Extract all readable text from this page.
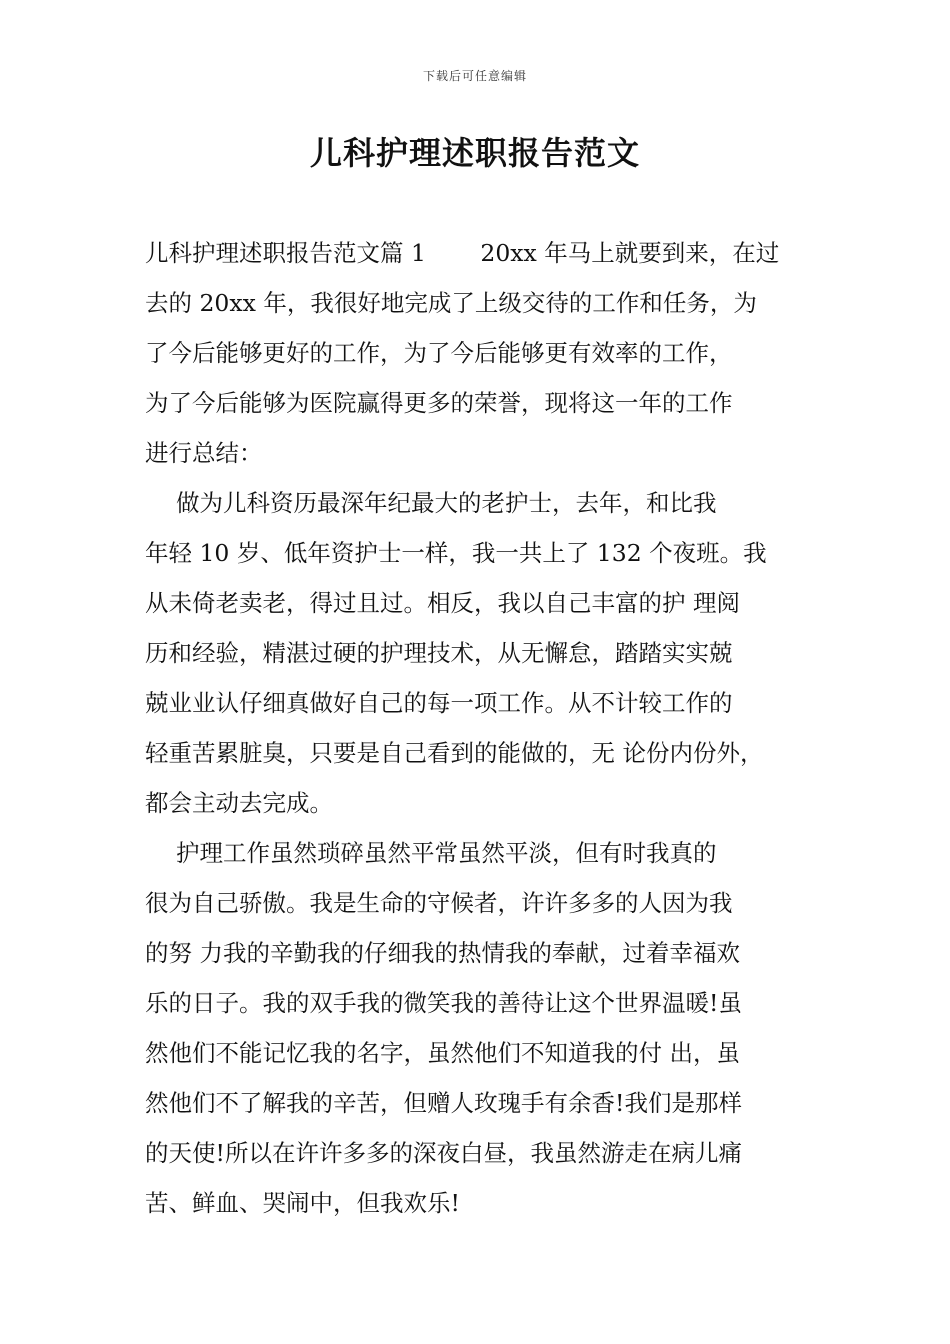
下载后可任意编辑
儿科护理述职报告范文
儿科护理述职报告范文篇 1　　 20xx 年马上就要到来，在过
去的 20xx 年，我很好地完成了上级交待的工作和任务，为
了今后能够更好的工作，为了今后能够更有效率的工作，
为了今后能够为医院赢得更多的荣誉，现将这一年的工作
进行总结：
　 做为儿科资历最深年纪最大的老护士，去年，和比我
年轻 10 岁、低年资护士一样，我一共上了 132 个夜班。我
从未倚老卖老，得过且过。相反，我以自己丰富的护 理阅
历和经验，精湛过硬的护理技术，从无懈怠，踏踏实实兢
兢业业认仔细真做好自己的每一项工作。从不计较工作的
轻重苦累脏臭，只要是自己看到的能做的，无 论份内份外，
都会主动去完成。
　 护理工作虽然琐碎虽然平常虽然平淡，但有时我真的
很为自己骄傲。我是生命的守候者，许许多多的人因为我
的努 力我的辛勤我的仔细我的热情我的奉献，过着幸福欢
乐的日子。我的双手我的微笑我的善待让这个世界温暖!虽
然他们不能记忆我的名字，虽然他们不知道我的付 出，虽
然他们不了解我的辛苦，但赠人玫瑰手有余香!我们是那样
的天使!所以在许许多多的深夜白昼，我虽然游走在病儿痛
苦、鲜血、哭闹中，但我欢乐!
